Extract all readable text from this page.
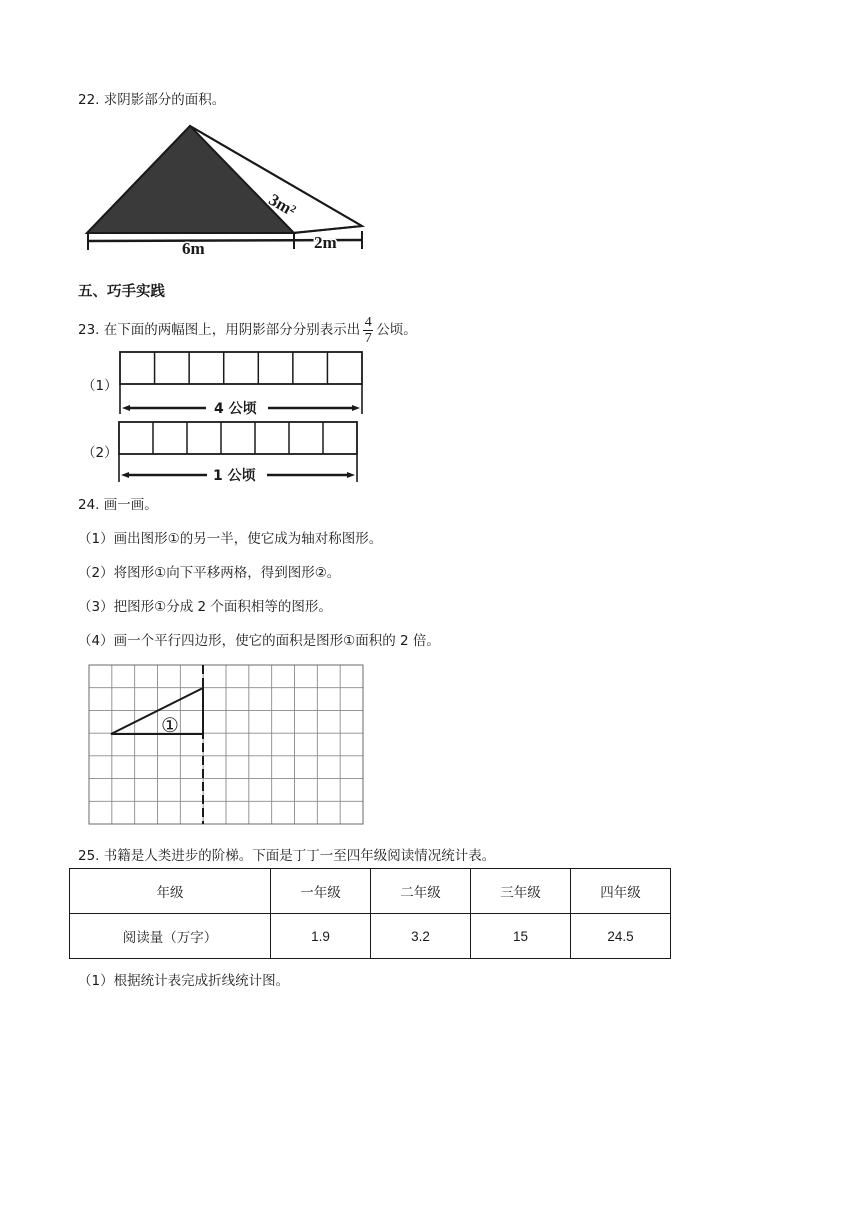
22. 求阴影部分的面积。
6m	2m
3m²
五、巧手实践
23. 在下面的两幅图上，用阴影部分分别表示出 $\frac{4}{7}$ 公顷。
（1）
4 公顷
（2）
1 公顷
24. 画一画。
（1）画出图形①的另一半，使它成为轴对称图形。
（2）将图形①向下平移两格，得到图形②。
（3）把图形①分成 2 个面积相等的图形。
（4）画一个平行四边形，使它的面积是图形①面积的 2 倍。
①
25. 书籍是人类进步的阶梯。下面是丁丁一至四年级阅读情况统计表。
年级	一年级	二年级	三年级	四年级
阅读量（万字）	1.9	3.2	15	24.5
（1）根据统计表完成折线统计图。
